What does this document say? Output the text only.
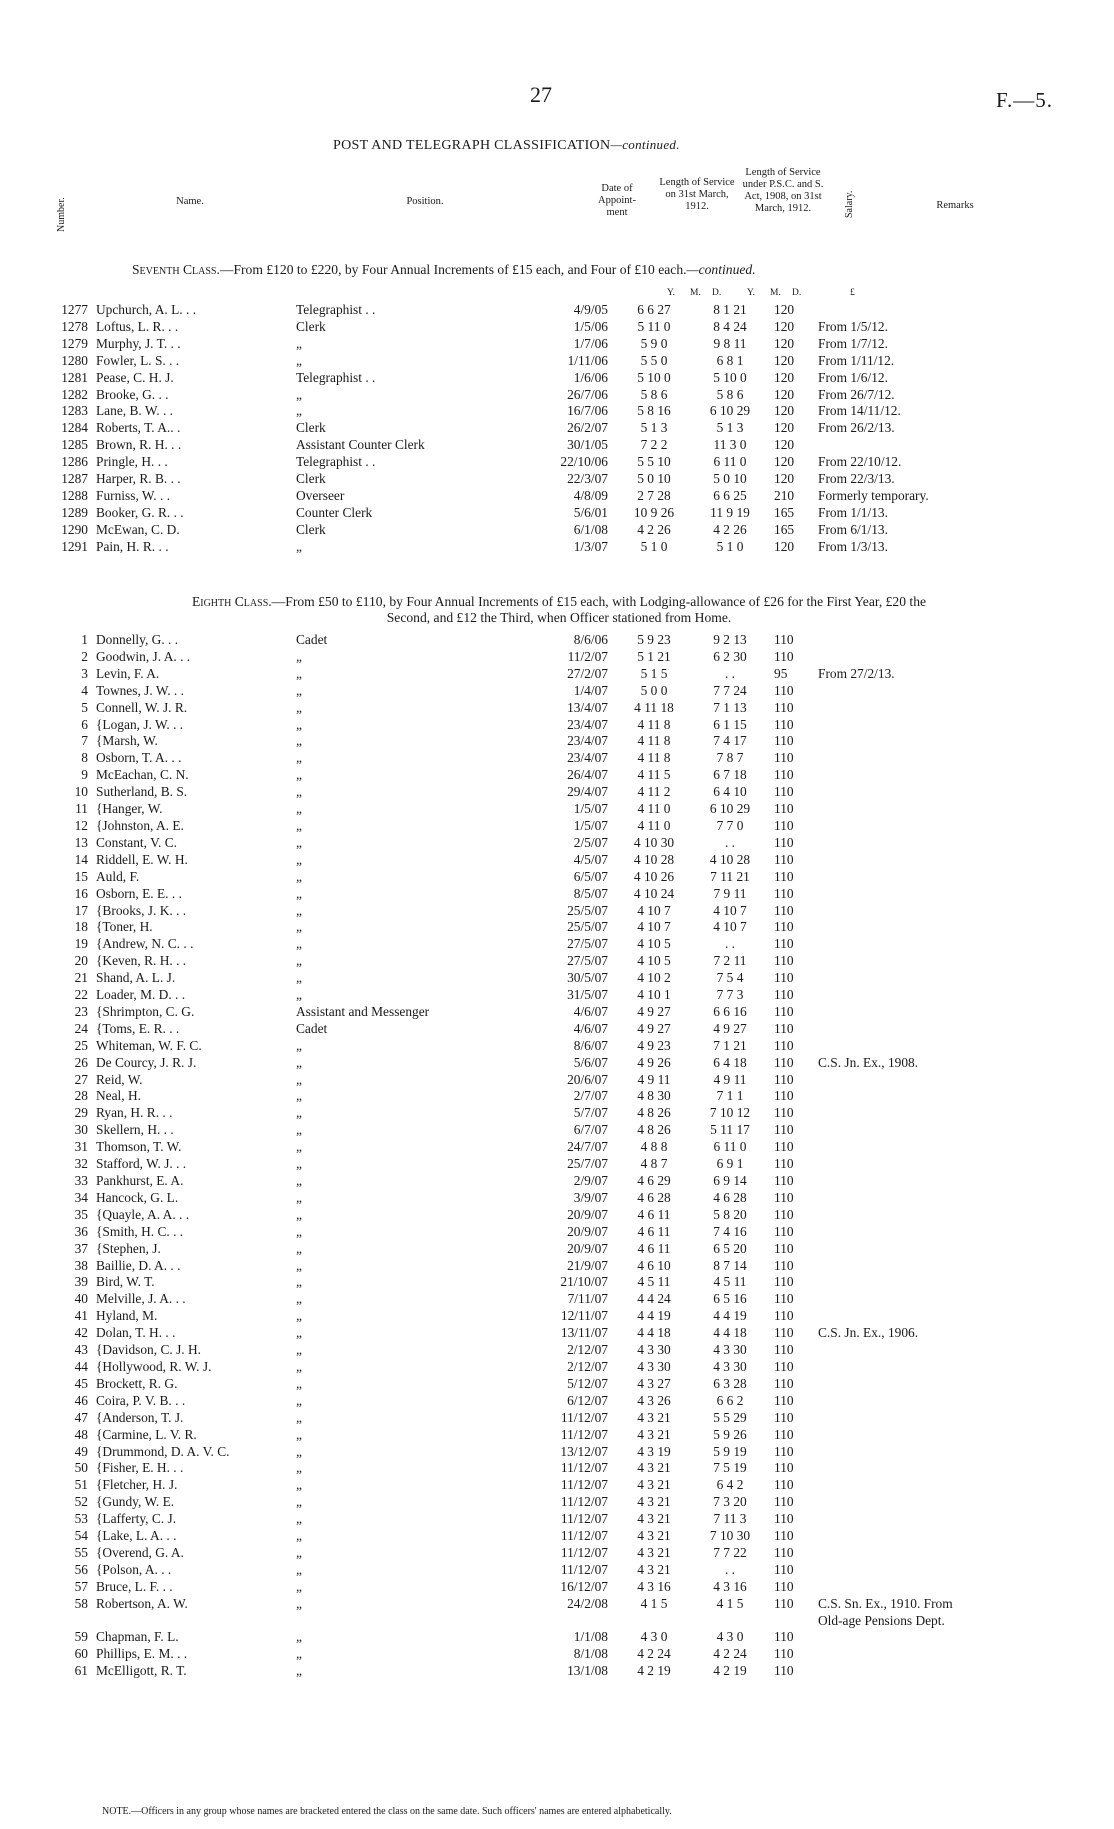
27	F.—5.
POST AND TELEGRAPH CLASSIFICATION—continued.
Number.	Name.	Position.
Date of Appoint-ment
Length of Service on 31st March, 1912.
Length of Service under P.S.C. and S. Act, 1908, on 31st March, 1912.	Salary.	Remarks
Seventh Class.—From £120 to £220, by Four Annual Increments of £15 each, and Four of £10 each.—continued.
Y. M. D.	Y. M. D.	£
1277	Upchurch, A. L. . .	Telegraphist . .	4/9/05	6 6 27	8 1 21	120	
1278	Loftus, L. R. . .	Clerk	1/5/06	5 11 0	8 4 24	120	From 1/5/12.
1279	Murphy, J. T. . .	„	1/7/06	5 9 0	9 8 11	120	From 1/7/12.
1280	Fowler, L. S. . .	„	1/11/06	5 5 0	6 8 1	120	From 1/11/12.
1281	Pease, C. H. J.	Telegraphist . .	1/6/06	5 10 0	5 10 0	120	From 1/6/12.
1282	Brooke, G. . .	„	26/7/06	5 8 6	5 8 6	120	From 26/7/12.
1283	Lane, B. W. . .	„	16/7/06	5 8 16	6 10 29	120	From 14/11/12.
1284	Roberts, T. A.. .	Clerk	26/2/07	5 1 3	5 1 3	120	From 26/2/13.
1285	Brown, R. H. . .	Assistant Counter Clerk	30/1/05	7 2 2	11 3 0	120	
1286	Pringle, H. . .	Telegraphist . .	22/10/06	5 5 10	6 11 0	120	From 22/10/12.
1287	Harper, R. B. . .	Clerk	22/3/07	5 0 10	5 0 10	120	From 22/3/13.
1288	Furniss, W. . .	Overseer	4/8/09	2 7 28	6 6 25	210	Formerly temporary.
1289	Booker, G. R. . .	Counter Clerk	5/6/01	10 9 26	11 9 19	165	From 1/1/13.
1290	McEwan, C. D.	Clerk	6/1/08	4 2 26	4 2 26	165	From 6/1/13.
1291	Pain, H. R. . .	„	1/3/07	5 1 0	5 1 0	120	From 1/3/13.
Eighth Class.—From £50 to £110, by Four Annual Increments of £15 each, with Lodging-allowance of £26 for the First Year, £20 the
Second, and £12 the Third, when Officer stationed from Home.
1	Donnelly, G. . .	Cadet	8/6/06	5 9 23	9 2 13	110	
2	Goodwin, J. A. . .	„	11/2/07	5 1 21	6 2 30	110	
3	Levin, F. A.	„	27/2/07	5 1 5	. .	95	From 27/2/13.
4	Townes, J. W. . .	„	1/4/07	5 0 0	7 7 24	110	
5	Connell, W. J. R.	„	13/4/07	4 11 18	7 1 13	110	
6	{Logan, J. W. . .	„	23/4/07	4 11 8	6 1 15	110	
7	{Marsh, W.	„	23/4/07	4 11 8	7 4 17	110	
8	Osborn, T. A. . .	„	23/4/07	4 11 8	7 8 7	110	
9	McEachan, C. N.	„	26/4/07	4 11 5	6 7 18	110	
10	Sutherland, B. S.	„	29/4/07	4 11 2	6 4 10	110	
11	{Hanger, W.	„	1/5/07	4 11 0	6 10 29	110	
12	{Johnston, A. E.	„	1/5/07	4 11 0	7 7 0	110	
13	Constant, V. C.	„	2/5/07	4 10 30	. .	110	
14	Riddell, E. W. H.	„	4/5/07	4 10 28	4 10 28	110	
15	Auld, F.	„	6/5/07	4 10 26	7 11 21	110	
16	Osborn, E. E. . .	„	8/5/07	4 10 24	7 9 11	110	
17	{Brooks, J. K. . .	„	25/5/07	4 10 7	4 10 7	110	
18	{Toner, H.	„	25/5/07	4 10 7	4 10 7	110	
19	{Andrew, N. C. . .	„	27/5/07	4 10 5	. .	110	
20	{Keven, R. H. . .	„	27/5/07	4 10 5	7 2 11	110	
21	Shand, A. L. J.	„	30/5/07	4 10 2	7 5 4	110	
22	Loader, M. D. . .	„	31/5/07	4 10 1	7 7 3	110	
23	{Shrimpton, C. G.	Assistant and Messenger	4/6/07	4 9 27	6 6 16	110	
24	{Toms, E. R. . .	Cadet	4/6/07	4 9 27	4 9 27	110	
25	Whiteman, W. F. C.	„	8/6/07	4 9 23	7 1 21	110	
26	De Courcy, J. R. J.	„	5/6/07	4 9 26	6 4 18	110	C.S. Jn. Ex., 1908.
27	Reid, W.	„	20/6/07	4 9 11	4 9 11	110	
28	Neal, H.	„	2/7/07	4 8 30	7 1 1	110	
29	Ryan, H. R. . .	„	5/7/07	4 8 26	7 10 12	110	
30	Skellern, H. . .	„	6/7/07	4 8 26	5 11 17	110	
31	Thomson, T. W.	„	24/7/07	4 8 8	6 11 0	110	
32	Stafford, W. J. . .	„	25/7/07	4 8 7	6 9 1	110	
33	Pankhurst, E. A.	„	2/9/07	4 6 29	6 9 14	110	
34	Hancock, G. L.	„	3/9/07	4 6 28	4 6 28	110	
35	{Quayle, A. A. . .	„	20/9/07	4 6 11	5 8 20	110	
36	{Smith, H. C. . .	„	20/9/07	4 6 11	7 4 16	110	
37	{Stephen, J.	„	20/9/07	4 6 11	6 5 20	110	
38	Baillie, D. A. . .	„	21/9/07	4 6 10	8 7 14	110	
39	Bird, W. T.	„	21/10/07	4 5 11	4 5 11	110	
40	Melville, J. A. . .	„	7/11/07	4 4 24	6 5 16	110	
41	Hyland, M.	„	12/11/07	4 4 19	4 4 19	110	
42	Dolan, T. H. . .	„	13/11/07	4 4 18	4 4 18	110	C.S. Jn. Ex., 1906.
43	{Davidson, C. J. H.	„	2/12/07	4 3 30	4 3 30	110	
44	{Hollywood, R. W. J.	„	2/12/07	4 3 30	4 3 30	110	
45	Brockett, R. G.	„	5/12/07	4 3 27	6 3 28	110	
46	Coira, P. V. B. . .	„	6/12/07	4 3 26	6 6 2	110	
47	{Anderson, T. J.	„	11/12/07	4 3 21	5 5 29	110	
48	{Carmine, L. V. R.	„	11/12/07	4 3 21	5 9 26	110	
49	{Drummond, D. A. V. C.	„	13/12/07	4 3 19	5 9 19	110	
50	{Fisher, E. H. . .	„	11/12/07	4 3 21	7 5 19	110	
51	{Fletcher, H. J.	„	11/12/07	4 3 21	6 4 2	110	
52	{Gundy, W. E.	„	11/12/07	4 3 21	7 3 20	110	
53	{Lafferty, C. J.	„	11/12/07	4 3 21	7 11 3	110	
54	{Lake, L. A. . .	„	11/12/07	4 3 21	7 10 30	110	
55	{Overend, G. A.	„	11/12/07	4 3 21	7 7 22	110	
56	{Polson, A. . .	„	11/12/07	4 3 21	. .	110	
57	Bruce, L. F. . .	„	16/12/07	4 3 16	4 3 16	110	
58	Robertson, A. W.	„	24/2/08	4 1 5	4 1 5	110	C.S. Sn. Ex., 1910. From
							Old-age Pensions Dept.
59	Chapman, F. L.	„	1/1/08	4 3 0	4 3 0	110	
60	Phillips, E. M. . .	„	8/1/08	4 2 24	4 2 24	110	
61	McElligott, R. T.	„	13/1/08	4 2 19	4 2 19	110	
NOTE.—Officers in any group whose names are bracketed entered the class on the same date. Such officers' names are entered alphabetically.
